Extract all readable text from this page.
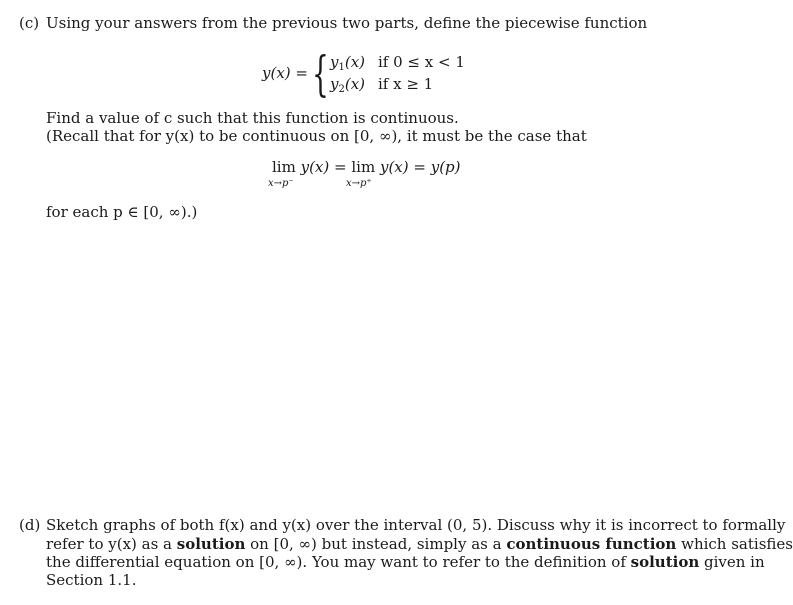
(c) Using your answers from the previous two parts, define the piecewise function
y(x) = { $y_1(x)$ if 0 ≤ x < 1
$y_2(x)$ if x ≥ 1
Find a value of c such that this function is continuous.
(Recall that for y(x) to be continuous on [0, ∞), it must be the case that
lim y(x) = lim y(x) = y(p)
x→p⁻	x→p⁺
for each p ∈ [0, ∞).)
(d) Sketch graphs of both f(x) and y(x) over the interval (0, 5). Discuss why it is incorrect to formally
refer to y(x) as a solution on [0, ∞) but instead, simply as a continuous function which satisfies
the differential equation on [0, ∞). You may want to refer to the definition of solution given in
Section 1.1.
